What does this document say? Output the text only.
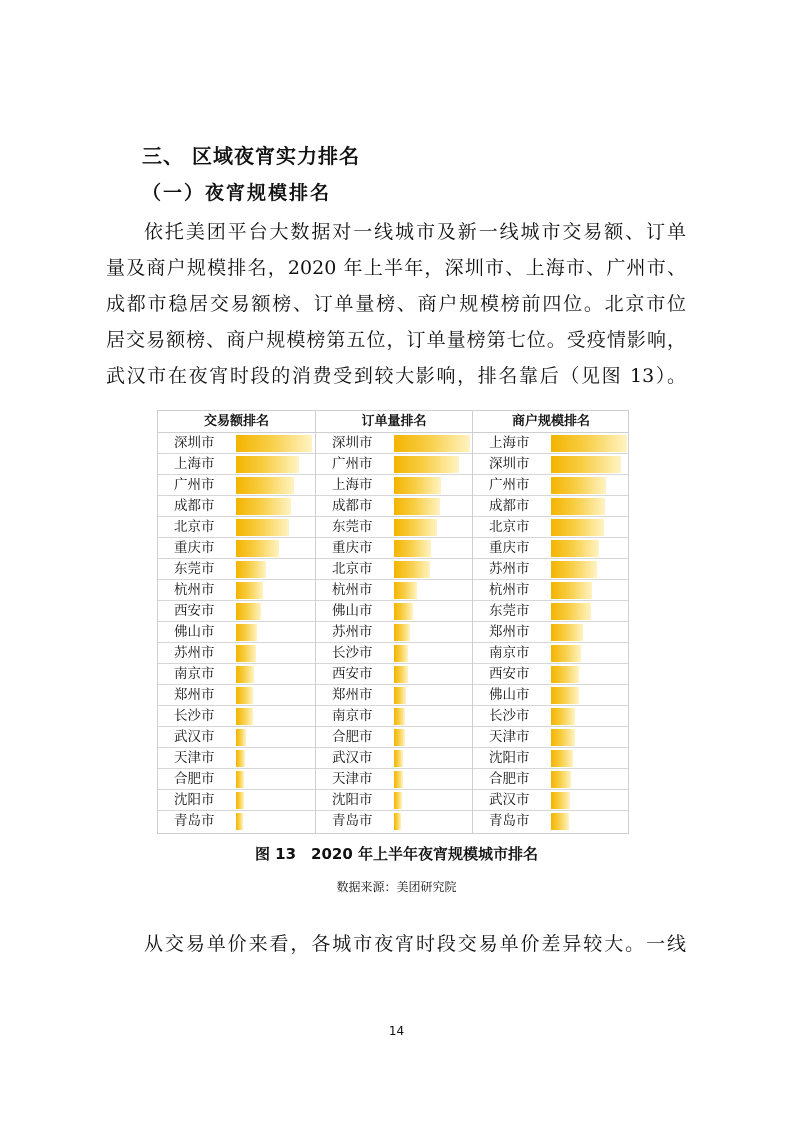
三、 区域夜宵实力排名
（一）夜宵规模排名

依托美团平台大数据对一线城市及新一线城市交易额、订单
量及商户规模排名，2020 年上半年，深圳市、上海市、广州市、
成都市稳居交易额榜、订单量榜、商户规模榜前四位。北京市位
居交易额榜、商户规模榜第五位，订单量榜第七位。受疫情影响，
武汉市在夜宵时段的消费受到较大影响，排名靠后（见图 13）。

交易额排名
深圳市
上海市
广州市
成都市
北京市
重庆市
东莞市
杭州市
西安市
佛山市
苏州市
南京市
郑州市
长沙市
武汉市
天津市
合肥市
沈阳市
青岛市
订单量排名
深圳市
广州市
上海市
成都市
东莞市
重庆市
北京市
杭州市
佛山市
苏州市
长沙市
西安市
郑州市
南京市
合肥市
武汉市
天津市
沈阳市
青岛市
商户规模排名
上海市
深圳市
广州市
成都市
北京市
重庆市
苏州市
杭州市
东莞市
郑州市
南京市
西安市
佛山市
长沙市
天津市
沈阳市
合肥市
武汉市
青岛市
图 13　2020 年上半年夜宵规模城市排名
数据来源：美团研究院

从交易单价来看，各城市夜宵时段交易单价差异较大。一线

14
